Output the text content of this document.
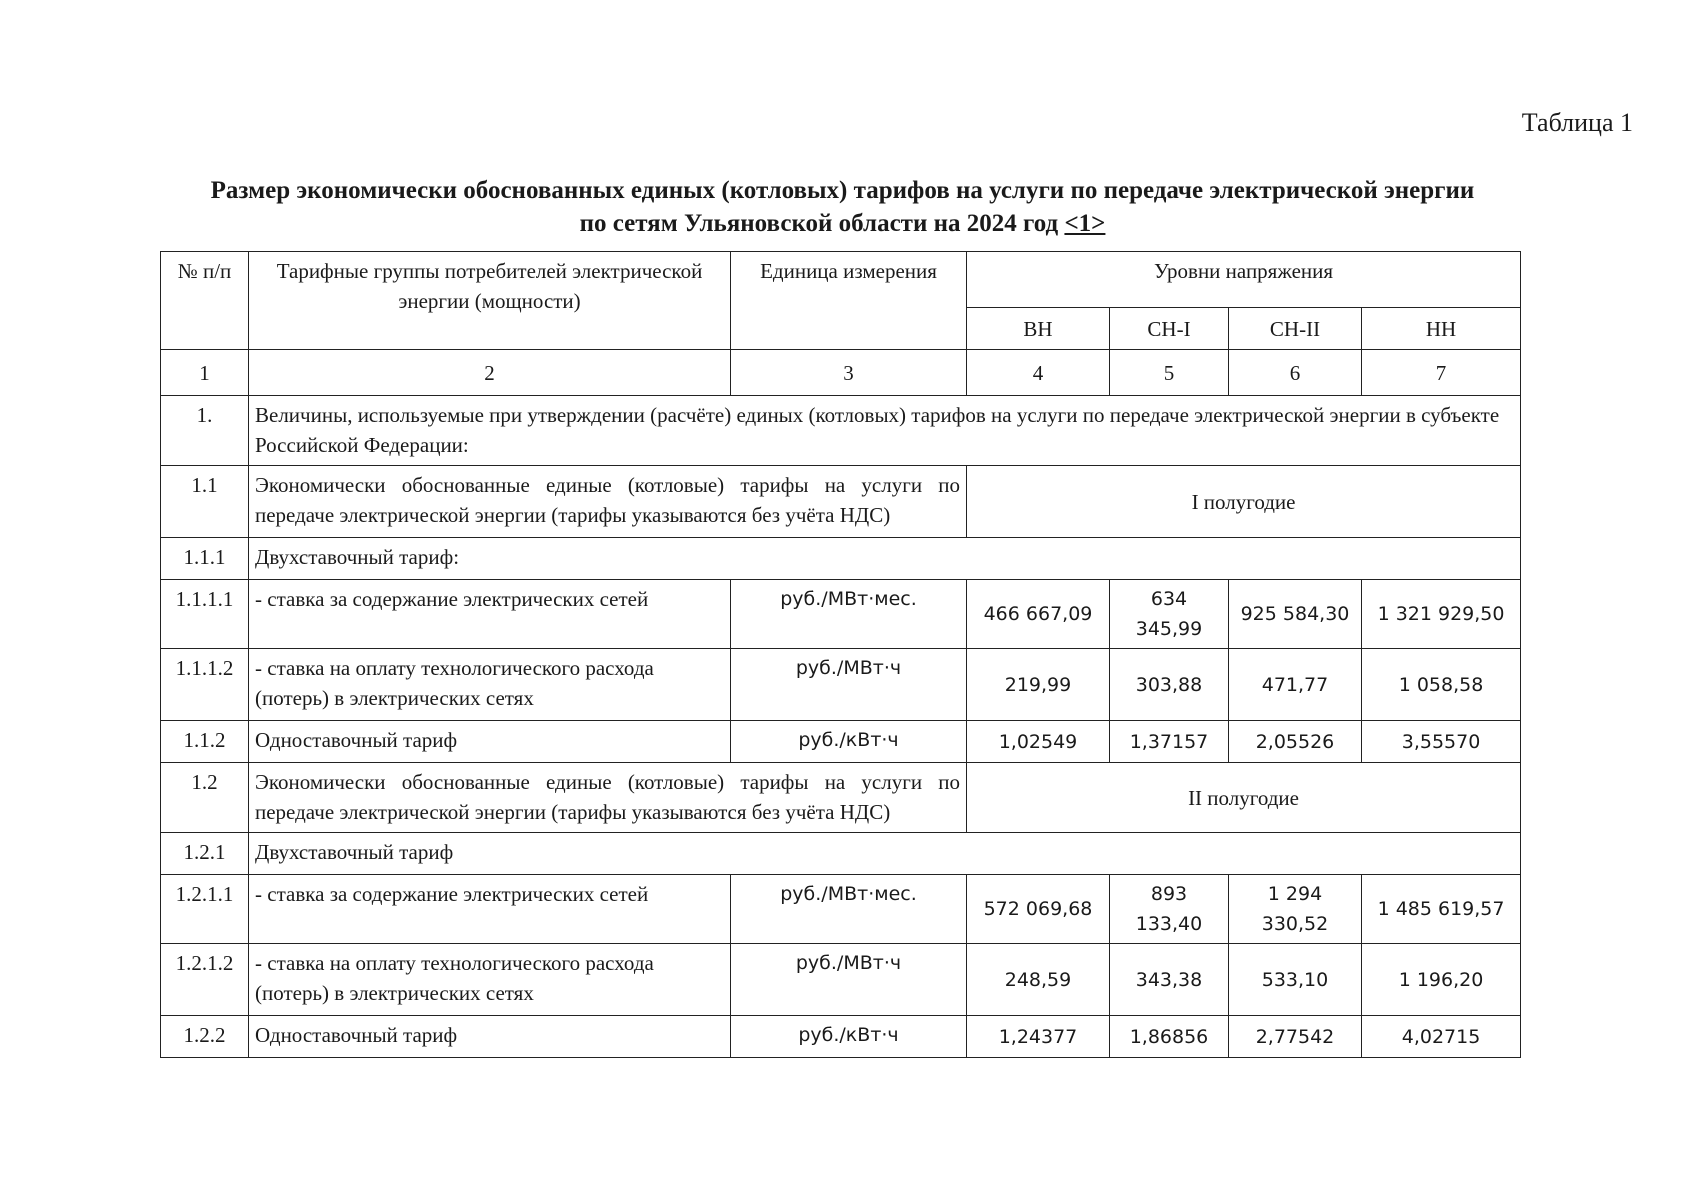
Таблица 1
Размер экономически обоснованных единых (котловых) тарифов на услуги по передаче электрической энергии
по сетям Ульяновской области на 2024 год <1>
№ п/п	Тарифные группы потребителей электрической энергии (мощности)	Единица измерения	Уровни напряжения			
			ВН	СН-I	СН-II	НН
1	2	3	4	5	6	7
1.	Величины, используемые при утверждении (расчёте) единых (котловых) тарифов на услуги по передаче электрической энергии в субъекте Российской Федерации:					
1.1	Экономически обоснованные единые (котловые) тарифы на услуги по передаче электрической энергии (тарифы указываются без учёта НДС)		I полугодие			
1.1.1	Двухставочный тариф:					
1.1.1.1	- ставка за содержание электрических сетей	руб./МВт·мес.	466 667,09	634 345,99	925 584,30	1 321 929,50
1.1.1.2	- ставка на оплату технологического расхода (потерь) в электрических сетях	руб./МВт·ч	219,99	303,88	471,77	1 058,58
1.1.2	Одноставочный тариф	руб./кВт·ч	1,02549	1,37157	2,05526	3,55570
1.2	Экономически обоснованные единые (котловые) тарифы на услуги по передаче электрической энергии (тарифы указываются без учёта НДС)		II полугодие			
1.2.1	Двухставочный тариф					
1.2.1.1	- ставка за содержание электрических сетей	руб./МВт·мес.	572 069,68	893 133,40	1 294 330,52	1 485 619,57
1.2.1.2	- ставка на оплату технологического расхода (потерь) в электрических сетях	руб./МВт·ч	248,59	343,38	533,10	1 196,20
1.2.2	Одноставочный тариф	руб./кВт·ч	1,24377	1,86856	2,77542	4,02715
